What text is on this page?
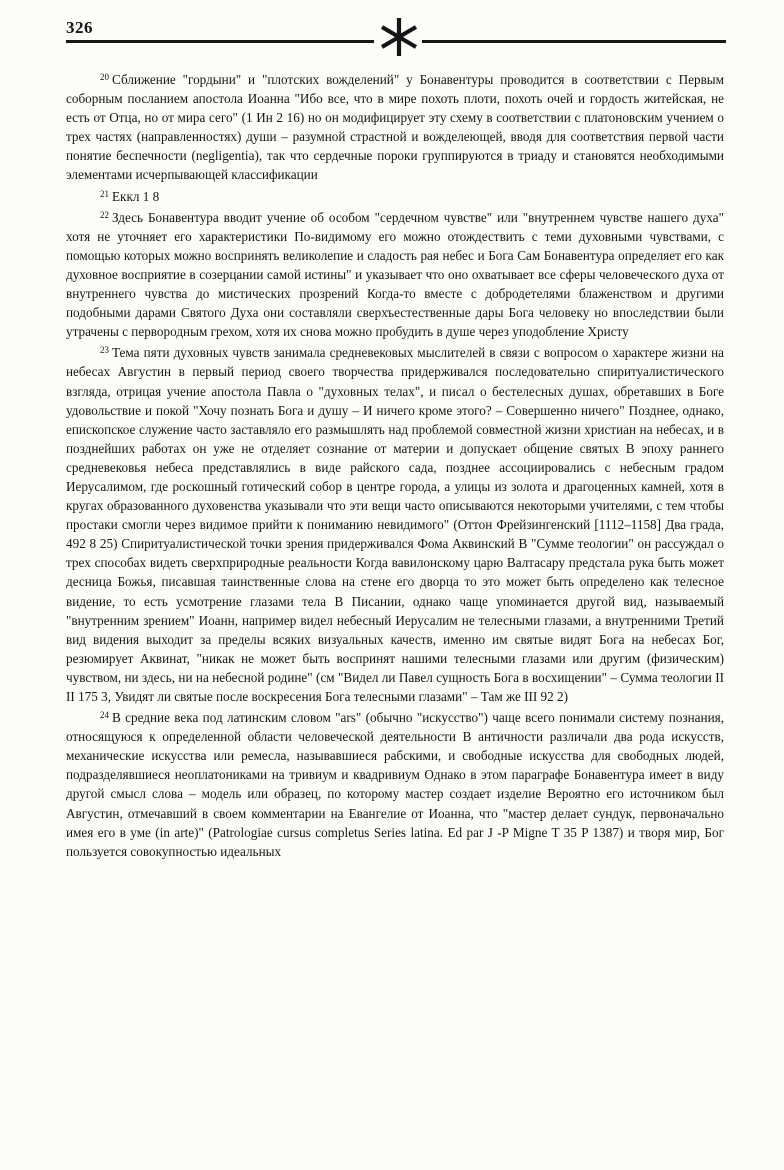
326

$^{20}$ Сближение "гордыни" и "плотских вожделений" у Бонавентуры проводится в соответствии с Первым соборным посланием апостола Иоанна "Ибо все, что в мире похоть плоти, похоть очей и гордость житейская, не есть от Отца, но от мира сего" (1 Ин 2 16) но он модифицирует эту схему в соответствии с платоновским учением о трех частях (направленностях) души – разумной страстной и вожделеющей, вводя для соответствия первой части понятие беспечности (negligentia), так что сердечные пороки группируются в триаду и становятся необходимыми элементами исчерпывающей классификации

$^{21}$ Еккл 1 8

$^{22}$ Здесь Бонавентура вводит учение об особом "сердечном чувстве" или "внутреннем чувстве нашего духа" хотя не уточняет его характеристики По-видимому его можно отождествить с теми духовными чувствами, с помощью которых можно воспринять великолепие и сладость рая небес и Бога Сам Бонавентура определяет его как духовное восприятие в созерцании самой истины" и указывает что оно охватывает все сферы человеческого духа от внутреннего чувства до мистических прозрений Когда-то вместе с добродетелями блаженством и другими подобными дарами Святого Духа они составляли сверхъестественные дары Бога человеку но впоследствии были утрачены с первородным грехом, хотя их снова можно пробудить в душе через уподобление Христу

$^{23}$ Тема пяти духовных чувств занимала средневековых мыслителей в связи с вопросом о характере жизни на небесах Августин в первый период своего творчества придерживался последовательно спиритуалистического взгляда, отрицая учение апостола Павла о "духовных телах", и писал о бестелесных душах, обретавших в Боге удовольствие и покой "Хочу познать Бога и душу – И ничего кроме этого? – Совершенно ничего" Позднее, однако, епископское служение часто заставляло его размышлять над проблемой совместной жизни христиан на небесах, и в позднейших работах он уже не отделяет сознание от материи и допускает общение святых В эпоху раннего средневековья небеса представлялись в виде райского сада, позднее ассоциировались с небесным градом Иерусалимом, где роскошный готический собор в центре города, а улицы из золота и драгоценных камней, хотя в кругах образованного духовенства указывали что эти вещи часто описываются некоторыми учителями, с тем чтобы простаки смогли через видимое прийти к пониманию невидимого" (Оттон Фрейзингенский [1112–1158] Два града, 492 8 25) Спиритуалистической точки зрения придерживался Фома Аквинский В "Сумме теологии" он рассуждал о трех способах видеть сверхприродные реальности Когда вавилонскому царю Валтасару предстала рука быть может десница Божья, писавшая таинственные слова на стене его дворца то это может быть определено как телесное видение, то есть усмотрение глазами тела В Писании, однако чаще упоминается другой вид, называемый "внутренним зрением" Иоанн, например видел небесный Иерусалим не телесными глазами, а внутренними Третий вид видения выходит за пределы всяких визуальных качеств, именно им святые видят Бога на небесах Бог, резюмирует Аквинат, "никак не может быть воспринят нашими телесными глазами или другим (физическим) чувством, ни здесь, ни на небесной родине" (см "Видел ли Павел сущность Бога в восхищении" – Сумма теологии II II 175 3, Увидят ли святые после воскресения Бога телесными глазами" – Там же III 92 2)

$^{24}$ В средние века под латинским словом "ars" (обычно "искусство") чаще всего понимали систему познания, относящуюся к определенной области человеческой деятельности В античности различали два рода искусств, механические искусства или ремесла, называвшиеся рабскими, и свободные искусства для свободных людей, подразделявшиеся неоплатониками на тривиум и квадривиум Однако в этом параграфе Бонавентура имеет в виду другой смысл слова – модель или образец, по которому мастер создает изделие Вероятно его источником был Августин, отмечавший в своем комментарии на Евангелие от Иоанна, что "мастер делает сундук, первоначально имея его в уме (in arte)" (Patrologiae cursus completus Series latina. Ed par J -P Migne T 35 P 1387) и творя мир, Бог пользуется совокупностью идеальных
